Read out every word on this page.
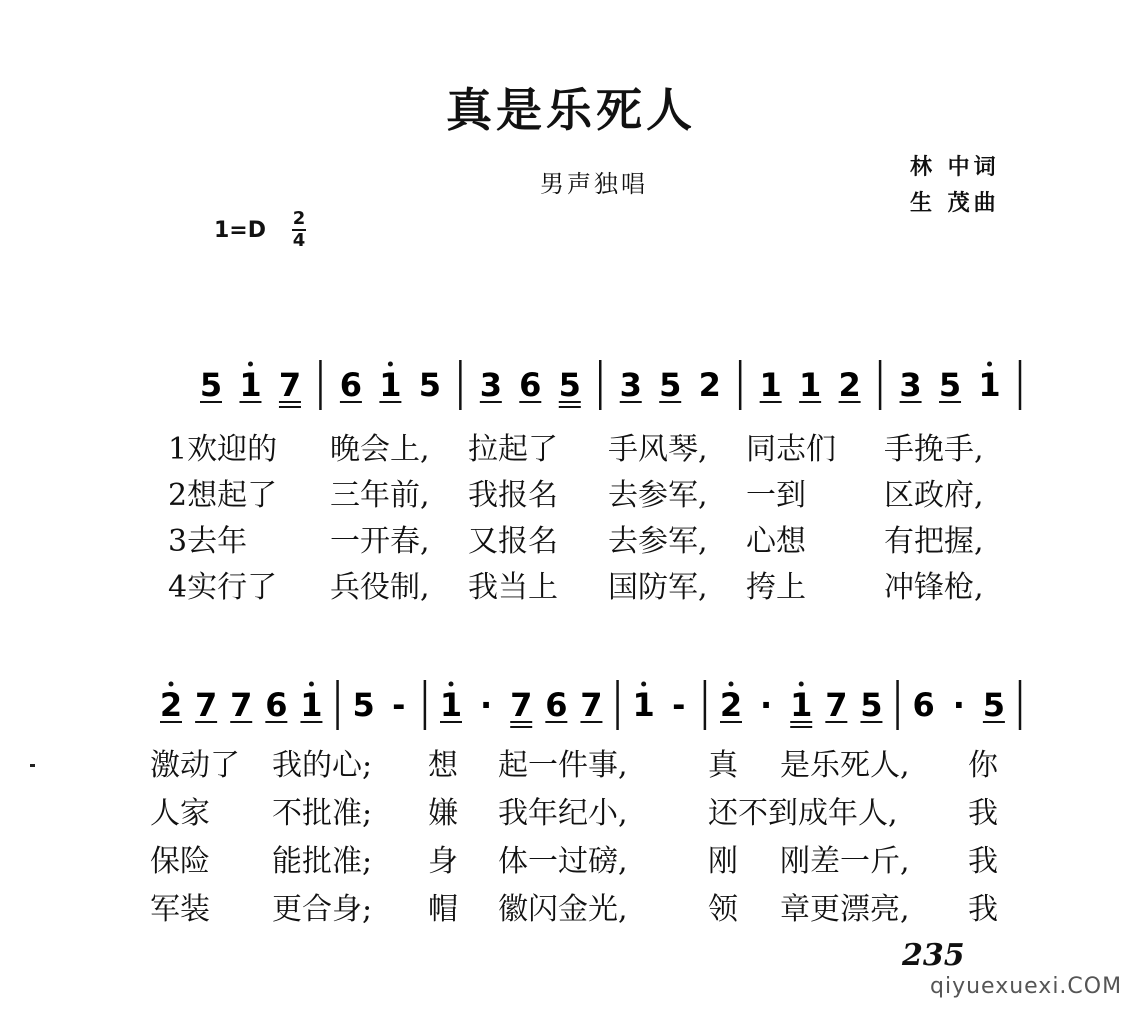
真是乐死人
男声独唱
林 中词
生 茂曲
1=D 2
4
5 1 7 6 1 5 3 6 5 3 5 2 1 1 2 3 5 1
2 7 7 6 1 5 - 1 · 7 6 7 1 - 2 · 1 7 5 6 · 5
1欢迎的 晚会上, 拉起了 手风琴, 同志们 手挽手,
2想起了 三年前, 我报名 去参军, 一到	区政府,
3去年	一开春, 又报名 去参军, 心想	有把握,
4实行了 兵役制, 我当上 国防军, 挎上	冲锋枪,
激动了 我的心; 想 起一件事,	真 是乐死人, 你
人家 不批准; 嫌 我年纪小,	还不到成年人, 我
保险 能批准; 身 体一过磅,	刚 刚差一斤, 我
军装 更合身; 帽 徽闪金光,	领 章更漂亮, 我
235
qiyuexuexi.COM
